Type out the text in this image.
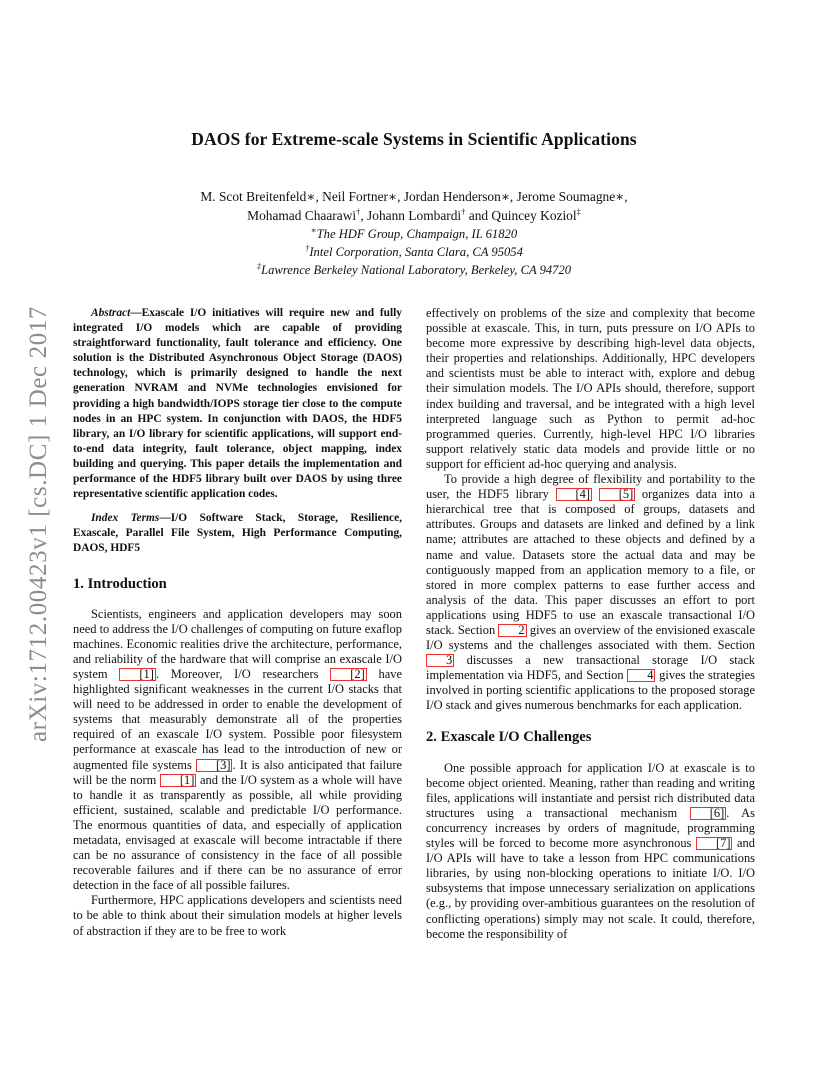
DAOS for Extreme-scale Systems in Scientific Applications
M. Scot Breitenfeld∗, Neil Fortner∗, Jordan Henderson∗, Jerome Soumagne∗,
Mohamad Chaarawi†, Johann Lombardi† and Quincey Koziol‡
∗The HDF Group, Champaign, IL 61820
†Intel Corporation, Santa Clara, CA 95054
‡Lawrence Berkeley National Laboratory, Berkeley, CA 94720
arXiv:1712.00423v1 [cs.DC] 1 Dec 2017	Abstract—Exascale I/O initiatives will require new and fully integrated I/O models which are capable of providing straightforward functionality, fault tolerance and efficiency. One solution is the Distributed Asynchronous Object Storage (DAOS) technology, which is primarily designed to handle the next generation NVRAM and NVMe technologies envisioned for providing a high bandwidth/IOPS storage tier close to the compute nodes in an HPC system. In conjunction with DAOS, the HDF5 library, an I/O library for scientific applications, will support end-to-end data integrity, fault tolerance, object mapping, index building and querying. This paper details the implementation and performance of the HDF5 library built over DAOS by using three representative scientific application codes.

Index Terms—I/O Software Stack, Storage, Resilience, Exascale, Parallel File System, High Performance Computing, DAOS, HDF5

1. Introduction

Scientists, engineers and application developers may soon need to address the I/O challenges of computing on future exaflop machines. Economic realities drive the architecture, performance, and reliability of the hardware that will comprise an exascale I/O system [1] . Moreover, I/O researchers [2] have highlighted significant weaknesses in the current I/O stacks that will need to be addressed in order to enable the development of systems that measurably demonstrate all of the properties required of an exascale I/O system. Possible poor filesystem performance at exascale has lead to the introduction of new or augmented file systems [3] . It is also anticipated that failure will be the norm [1] and the I/O system as a whole will have to handle it as transparently as possible, all while providing efficient, sustained, scalable and predictable I/O performance. The enormous quantities of data, and especially of application metadata, envisaged at exascale will become intractable if there can be no assurance of consistency in the face of all possible recoverable failures and if there can be no assurance of error detection in the face of all possible failures.

Furthermore, HPC applications developers and scientists need to be able to think about their simulation models at higher levels of abstraction if they are to be free to work

effectively on problems of the size and complexity that become possible at exascale. This, in turn, puts pressure on I/O APIs to become more expressive by describing high-level data objects, their properties and relationships. Additionally, HPC developers and scientists must be able to interact with, explore and debug their simulation models. The I/O APIs should, therefore, support index building and traversal, and be integrated with a high level interpreted language such as Python to permit ad-hoc programmed queries. Currently, high-level HPC I/O libraries support relatively static data models and provide little or no support for efficient ad-hoc querying and analysis.

To provide a high degree of flexibility and portability to the user, the HDF5 library [4] [5] organizes data into a hierarchical tree that is composed of groups, datasets and attributes. Groups and datasets are linked and defined by a link name; attributes are attached to these objects and defined by a name and value. Datasets store the actual data and may be contiguously mapped from an application memory to a file, or stored in more complex patterns to ease further access and analysis of the data. This paper discusses an effort to port applications using HDF5 to use an exascale transactional I/O stack. Section 2 gives an overview of the envisioned exascale I/O systems and the challenges associated with them. Section 3 discusses a new transactional storage I/O stack implementation via HDF5, and Section 4 gives the strategies involved in porting scientific applications to the proposed storage I/O stack and gives numerous benchmarks for each application.

2. Exascale I/O Challenges

One possible approach for application I/O at exascale is to become object oriented. Meaning, rather than reading and writing files, applications will instantiate and persist rich distributed data structures using a transactional mechanism [6] . As concurrency increases by orders of magnitude, programming styles will be forced to become more asynchronous [7] and I/O APIs will have to take a lesson from HPC communications libraries, by using non-blocking operations to initiate I/O. I/O subsystems that impose unnecessary serialization on applications (e.g., by providing over-ambitious guarantees on the resolution of conflicting operations) simply may not scale. It could, therefore, become the responsibility of
